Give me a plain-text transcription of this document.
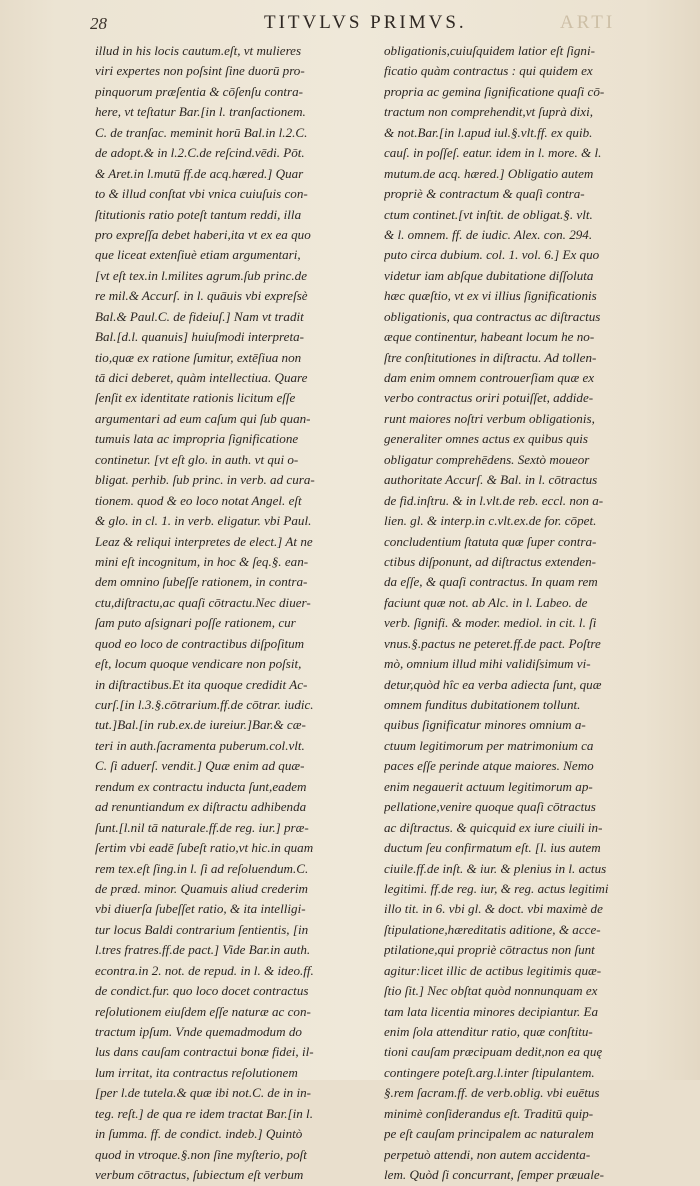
28	TITVLVS PRIMVS.	ARTI
illud in his locis cautum.eſt, vt mulieres
viri expertes non poſsint ſine duorū pro-
pinquorum præſentia & cōſenſu contra-
here, vt teſtatur Bar.[in l. tranſactionem.
C. de tranſac. meminit horū Bal.in l.2.C.
de adopt.& in l.2.C.de reſcind.vēdi. Pōt.
& Aret.in l.mutū ff.de acq.hæred.] Quar
to & illud conſtat vbi vnica cuiuſuis con-
ſtitutionis ratio poteſt tantum reddi, illa
pro expreſſa debet haberi,ita vt ex ea quo
que liceat extenſiuè etiam argumentari,
[vt eſt tex.in l.milites agrum.ſub princ.de
re mil.& Accurſ. in l. quāuis vbi expreſsè
Bal.& Paul.C. de fideiuſ.] Nam vt tradit
Bal.[d.l. quanuis] huiuſmodi interpreta-
tio,quæ ex ratione ſumitur, extēſiua non
tā dici deberet, quàm intellectiua. Quare
ſenſit ex identitate rationis licitum eſſe
argumentari ad eum caſum qui ſub quan-
tumuis lata ac impropria ſignificatione
continetur. [vt eſt glo. in auth. vt qui o-
bligat. perhib. ſub princ. in verb. ad cura-
tionem. quod & eo loco notat Angel. eſt
& glo. in cl. 1. in verb. eligatur. vbi Paul.
Leaz & reliqui interpretes de elect.] At ne
mini eſt incognitum, in hoc & ſeq.§. ean-
dem omnino ſubeſſe rationem, in contra-
ctu,diſtractu,ac quaſi cōtractu.Nec diuer-
ſam puto aſsignari poſſe rationem, cur
quod eo loco de contractibus diſpoſitum
eſt, locum quoque vendicare non poſsit,
in diſtractibus.Et ita quoque credidit Ac-
curſ.[in l.3.§.cōtrarium.ff.de cōtrar. iudic.
tut.]Bal.[in rub.ex.de iureiur.]Bar.& cæ-
teri in auth.ſacramenta puberum.col.vlt.
C. ſi aduerſ. vendit.] Quæ enim ad quæ-
rendum ex contractu inducta ſunt,eadem
ad renuntiandum ex diſtractu adhibenda
ſunt.[l.nil tā naturale.ff.de reg. iur.] præ-
ſertim vbi eadē ſubeſt ratio,vt hic.in quam
rem tex.eſt ſing.in l. ſi ad reſoluendum.C.
de præd. minor. Quamuis aliud crederim
vbi diuerſa ſubeſſet ratio, & ita intelligi-
tur locus Baldi contrarium ſentientis, [in
l.tres fratres.ff.de pact.] Vide Bar.in auth.
econtra.in 2. not. de repud. in l. & ideo.ff.
de condict.fur. quo loco docet contractus
reſolutionem eiuſdem eſſe naturæ ac con-
tractum ipſum. Vnde quemadmodum do
lus dans cauſam contractui bonæ fidei, il-
lum irritat, ita contractus reſolutionem
[per l.de tutela.& quæ ibi not.C. de in in-
teg. reſt.] de qua re idem tractat Bar.[in l.
in ſumma. ff. de condict. indeb.] Quintò
quod in vtroque.§.non ſine myſterio, poſt
verbum cōtractus, ſubiectum eſt verbum
obligationis,cuiuſquidem latior eſt ſigni-
ficatio quàm contractus : qui quidem ex
propria ac gemina ſignificatione quaſi cō-
tractum non comprehendit,vt ſuprà dixi,
& not.Bar.[in l.apud iul.§.vlt.ff. ex quib.
cauſ. in poſſeſ. eatur. idem in l. more. & l.
mutum.de acq. hæred.] Obligatio autem
propriè & contractum & quaſi contra-
ctum continet.[vt inſtit. de obligat.§. vlt.
& l. omnem. ff. de iudic. Alex. con. 294.
puto circa dubium. col. 1. vol. 6.] Ex quo
videtur iam abſque dubitatione diſſoluta
hæc quæſtio, vt ex vi illius ſignificationis
obligationis, qua contractus ac diſtractus
æque continentur, habeant locum he no-
ſtre conſtitutiones in diſtractu. Ad tollen-
dam enim omnem controuerſiam quæ ex
verbo contractus oriri potuiſſet, addide-
runt maiores noſtri verbum obligationis,
generaliter omnes actus ex quibus quis
obligatur comprehēdens. Sextò moueor
authoritate Accurſ. & Bal. in l. cōtractus
de fid.inſtru. & in l.vlt.de reb. eccl. non a-
lien. gl. & interp.in c.vlt.ex.de for. cōpet.
concludentium ſtatuta quæ ſuper contra-
ctibus diſponunt, ad diſtractus extenden-
da eſſe, & quaſi contractus. In quam rem
faciunt quæ not. ab Alc. in l. Labeo. de
verb. ſignifi. & moder. mediol. in cit. l. ſi
vnus.§.pactus ne peteret.ff.de pact. Poſtre
mò, omnium illud mihi validiſsimum vi-
detur,quòd hîc ea verba adiecta ſunt, quæ
omnem funditus dubitationem tollunt.
quibus ſignificatur minores omnium a-
ctuum legitimorum per matrimonium ca
paces eſſe perinde atque maiores. Nemo
enim negauerit actuum legitimorum ap-
pellatione,venire quoque quaſi cōtractus
ac diſtractus. & quicquid ex iure ciuili in-
ductum ſeu confirmatum eſt. [l. ius autem
ciuile.ff.de inſt. & iur. & plenius in l. actus
legitimi. ff.de reg. iur, & reg. actus legitimi
illo tit. in 6. vbi gl. & doct. vbi maximè de
ſtipulatione,hæreditatis aditione, & acce-
ptilatione,qui propriè cōtractus non ſunt
agitur:licet illic de actibus legitimis quæ-
ſtio ſit.] Nec obſtat quòd nonnunquam ex
tam lata licentia minores decipiantur. Ea
enim ſola attenditur ratio, quæ conſtitu-
tioni cauſam præcipuam dedit,non ea quę
contingere poteſt.arg.l.inter ſtipulantem.
§.rem ſacram.ff. de verb.oblig. vbi euētus
minimè conſiderandus eſt. Traditū quip-
pe eſt cauſam principalem ac naturalem
perpetuò attendi, non autem accidenta-
lem. Quòd ſi concurrant, ſemper præuale-
